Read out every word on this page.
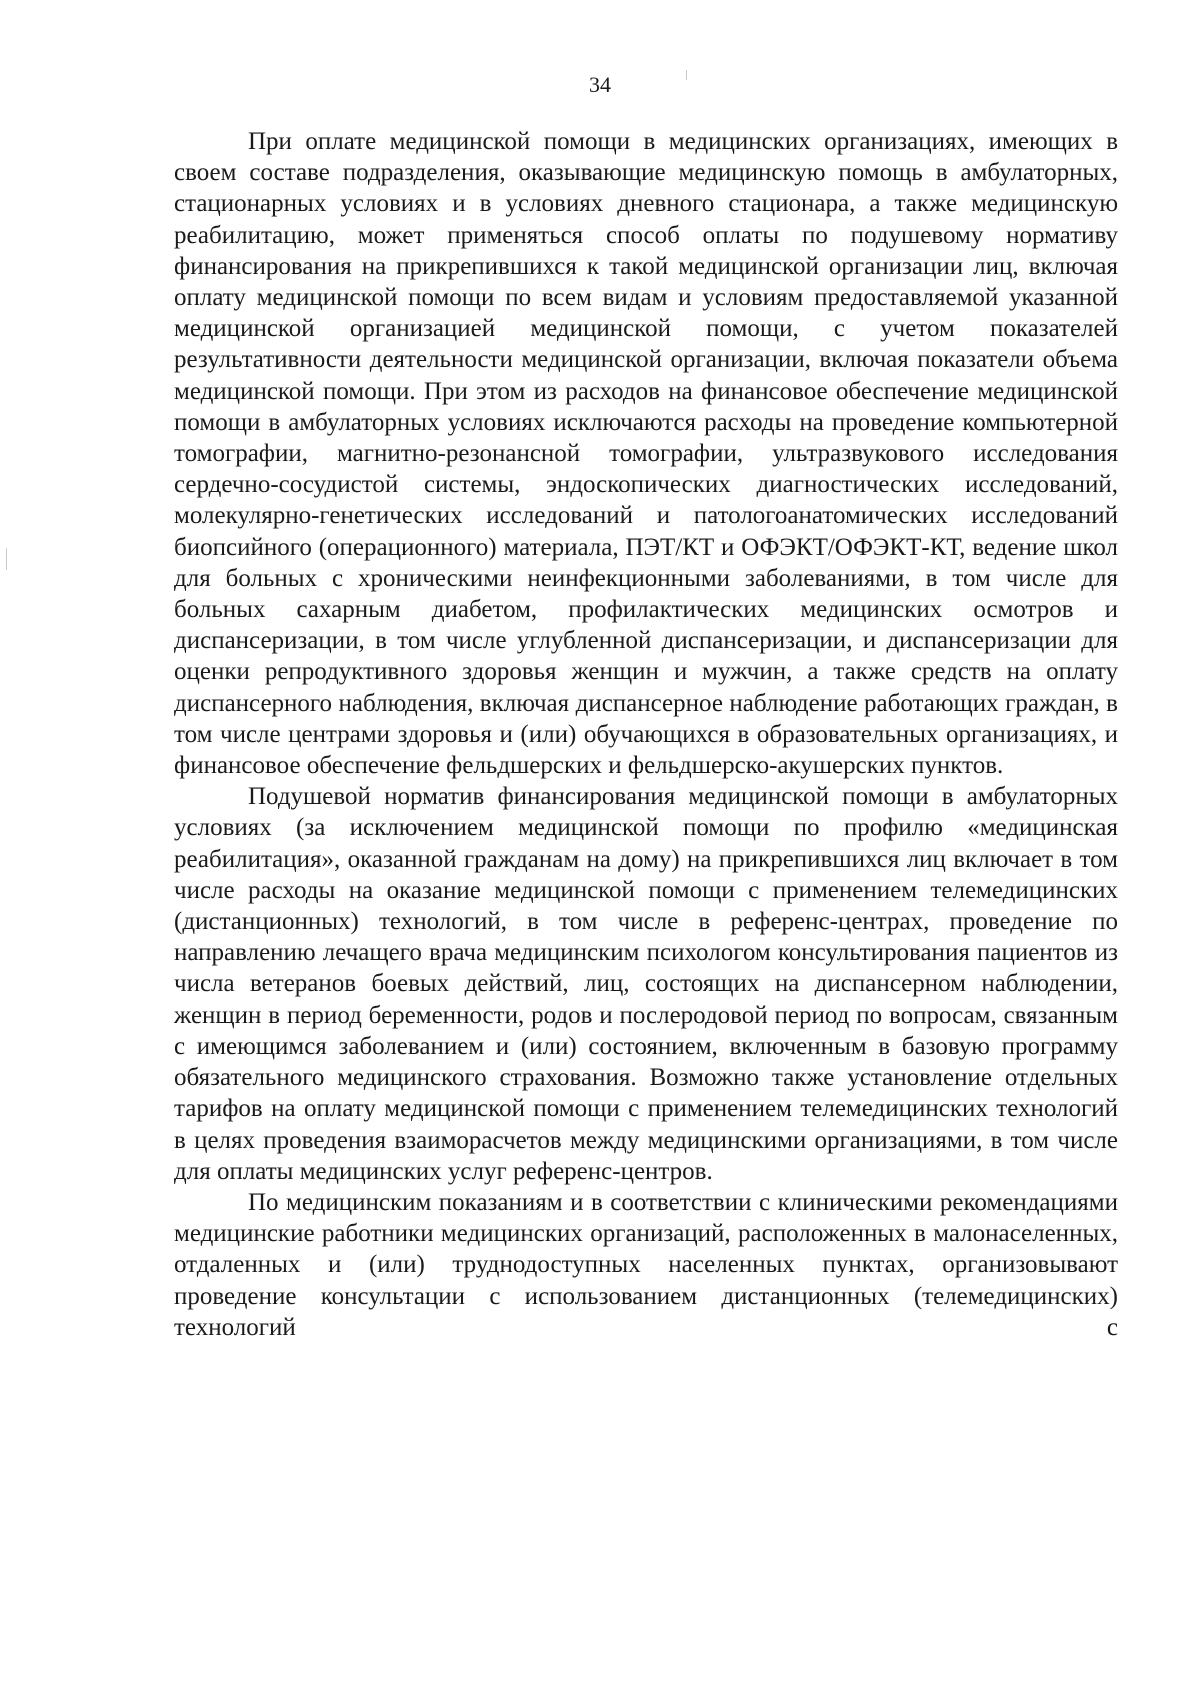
34

При оплате медицинской помощи в медицинских организациях, имеющих в своем составе подразделения, оказывающие медицинскую помощь в амбулаторных, стационарных условиях и в условиях дневного стационара, а также медицинскую реабилитацию, может применяться способ оплаты по подушевому нормативу финансирования на прикрепившихся к такой медицинской организации лиц, включая оплату медицинской помощи по всем видам и условиям предоставляемой указанной медицинской организацией медицинской помощи, с учетом показателей результативности деятельности медицинской организации, включая показатели объема медицинской помощи. При этом из расходов на финансовое обеспечение медицинской помощи в амбулаторных условиях исключаются расходы на проведение компьютерной томографии, магнитно-резонансной томографии, ультразвукового исследования сердечно-сосудистой системы, эндоскопических диагностических исследований, молекулярно-генетических исследований и патологоанатомических исследований биопсийного (операционного) материала, ПЭТ/КТ и ОФЭКТ/ОФЭКТ-КТ, ведение школ для больных с хроническими неинфекционными заболеваниями, в том числе для больных сахарным диабетом, профилактических медицинских осмотров и диспансеризации, в том числе углубленной диспансеризации, и диспансеризации для оценки репродуктивного здоровья женщин и мужчин, а также средств на оплату диспансерного наблюдения, включая диспансерное наблюдение работающих граждан, в том числе центрами здоровья и (или) обучающихся в образовательных организациях, и финансовое обеспечение фельдшерских и фельдшерско-акушерских пунктов.

Подушевой норматив финансирования медицинской помощи в амбулаторных условиях (за исключением медицинской помощи по профилю «медицинская реабилитация», оказанной гражданам на дому) на прикрепившихся лиц включает в том числе расходы на оказание медицинской помощи с применением телемедицинских (дистанционных) технологий, в том числе в референс-центрах, проведение по направлению лечащего врача медицинским психологом консультирования пациентов из числа ветеранов боевых действий, лиц, состоящих на диспансерном наблюдении, женщин в период беременности, родов и послеродовой период по вопросам, связанным с имеющимся заболеванием и (или) состоянием, включенным в базовую программу обязательного медицинского страхования. Возможно также установление отдельных тарифов на оплату медицинской помощи с применением телемедицинских технологий в целях проведения взаиморасчетов между медицинскими организациями, в том числе для оплаты медицинских услуг референс-центров.

По медицинским показаниям и в соответствии с клиническими рекомендациями медицинские работники медицинских организаций, расположенных в малонаселенных, отдаленных и (или) труднодоступных населенных пунктах, организовывают проведение консультации с использованием дистанционных (телемедицинских) технологий с
